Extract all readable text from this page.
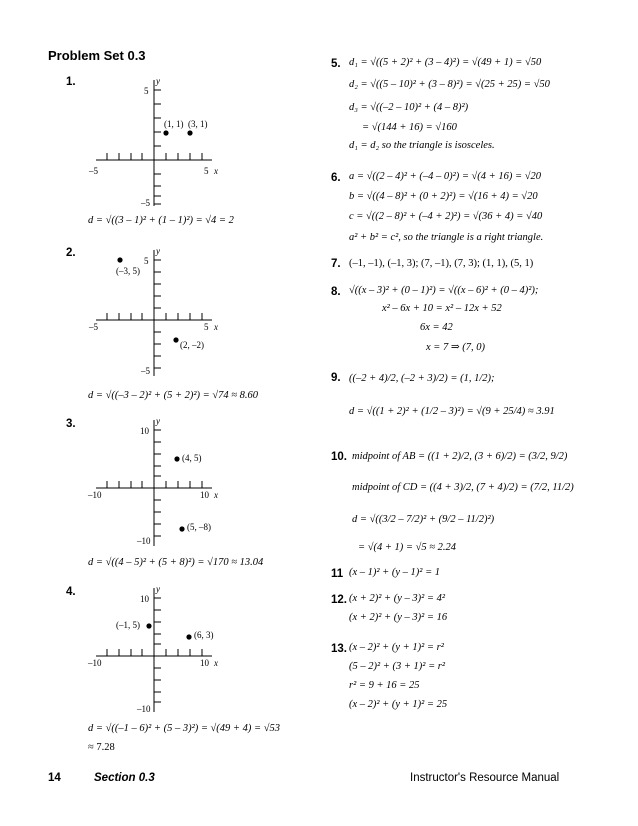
Problem Set 0.3
1.	y
5
–5
–5	5 x
(1, 1) (3, 1)
d = √((3 – 1)² + (1 – 1)²) = √4 = 2
2.	y
5
–5
–5	5 x
(–3, 5)
(2, –2)
d = √((–3 – 2)² + (5 + 2)²) = √74 ≈ 8.60
3.	y
10
–10
–10	10 x
(4, 5)
(5, –8)
d = √((4 – 5)² + (5 + 8)²) = √170 ≈ 13.04
4.	y
10
–10
–10	10 x
(–1, 5)
(6, 3)
d = √((–1 – 6)² + (5 – 3)²) = √(49 + 4) = √53
≈ 7.28
5. d₁ = √((5 + 2)² + (3 – 4)²) = √(49 + 1) = √50
d₂ = √((5 – 10)² + (3 – 8)²) = √(25 + 25) = √50
d₃ = √((–2 – 10)² + (4 – 8)²)
= √(144 + 16) = √160
d₁ = d₂ so the triangle is isosceles.
6. a = √((2 – 4)² + (–4 – 0)²) = √(4 + 16) = √20
b = √((4 – 8)² + (0 + 2)²) = √(16 + 4) = √20
c = √((2 – 8)² + (–4 + 2)²) = √(36 + 4) = √40
a² + b² = c², so the triangle is a right triangle.
7. (–1, –1), (–1, 3); (7, –1), (7, 3); (1, 1), (5, 1)
8. √((x – 3)² + (0 – 1)²) = √((x – 6)² + (0 – 4)²);
x² – 6x + 10 = x² – 12x + 52
6x = 42
x = 7 ⇒ (7, 0)
9. ((–2 + 4)/2, (–2 + 3)/2) = (1, 1/2);
d = √((1 + 2)² + (1/2 – 3)²) = √(9 + 25/4) ≈ 3.91
10. midpoint of AB = ((1 + 2)/2, (3 + 6)/2) = (3/2, 9/2)
midpoint of CD = ((4 + 3)/2, (7 + 4)/2) = (7/2, 11/2)
d = √((3/2 – 7/2)² + (9/2 – 11/2)²)
= √(4 + 1) = √5 ≈ 2.24
11 (x – 1)² + (y – 1)² = 1
12. (x + 2)² + (y – 3)² = 4²
(x + 2)² + (y – 3)² = 16
13. (x – 2)² + (y + 1)² = r²
(5 – 2)² + (3 + 1)² = r²
r² = 9 + 16 = 25
(x – 2)² + (y + 1)² = 25
14	Section 0.3	Instructor's Resource Manual
